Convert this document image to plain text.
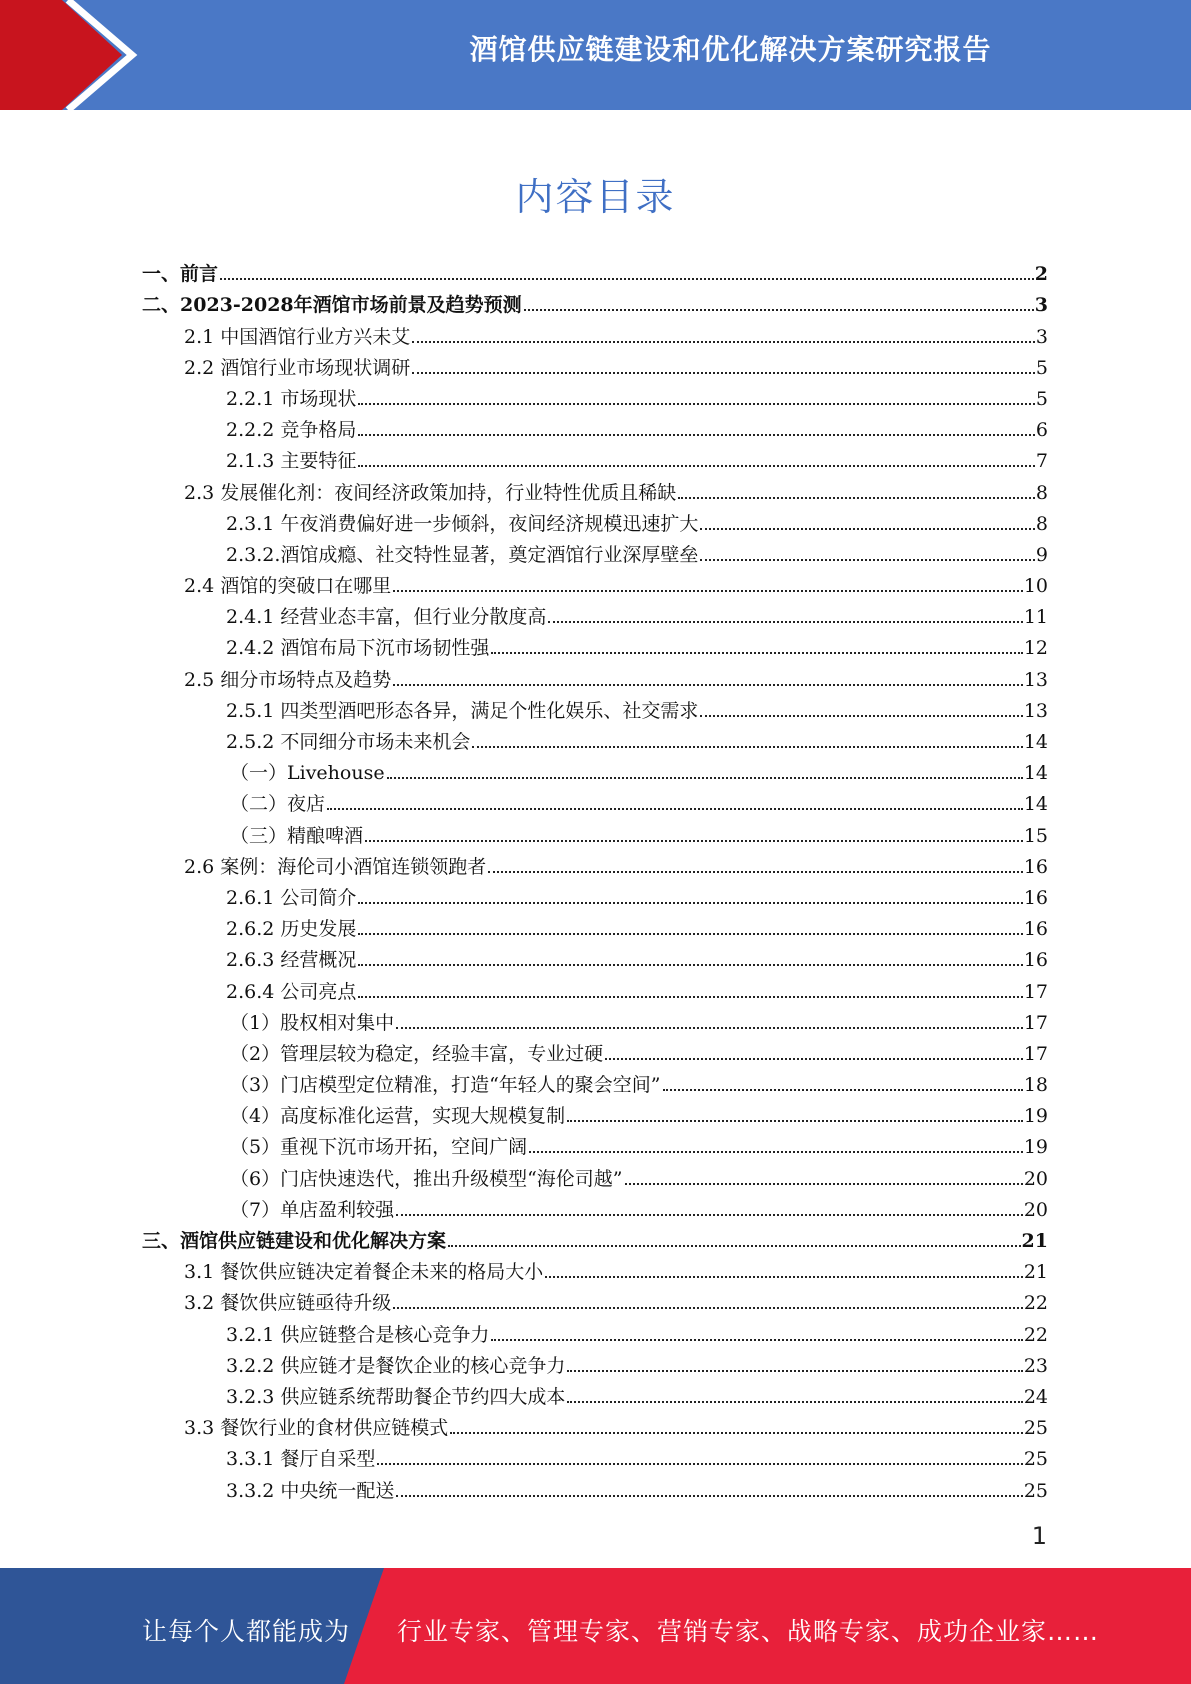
酒馆供应链建设和优化解决方案研究报告
内容目录
一、前言	2
二、2023-2028年酒馆市场前景及趋势预测	3
2.1 中国酒馆行业方兴未艾	3
2.2 酒馆行业市场现状调研	5
2.2.1 市场现状	5
2.2.2 竞争格局	6
2.1.3 主要特征	7
2.3 发展催化剂：夜间经济政策加持，行业特性优质且稀缺	8
2.3.1 午夜消费偏好进一步倾斜，夜间经济规模迅速扩大	8
2.3.2.酒馆成瘾、社交特性显著，奠定酒馆行业深厚壁垒	9
2.4 酒馆的突破口在哪里	10
2.4.1 经营业态丰富，但行业分散度高	11
2.4.2 酒馆布局下沉市场韧性强	12
2.5 细分市场特点及趋势	13
2.5.1 四类型酒吧形态各异，满足个性化娱乐、社交需求	13
2.5.2 不同细分市场未来机会	14
（一）Livehouse	14
（二）夜店	14
（三）精酿啤酒	15
2.6 案例：海伦司小酒馆连锁领跑者	16
2.6.1 公司简介	16
2.6.2 历史发展	16
2.6.3 经营概况	16
2.6.4 公司亮点	17
（1）股权相对集中	17
（2）管理层较为稳定，经验丰富，专业过硬	17
（3）门店模型定位精准，打造“年轻人的聚会空间”	18
（4）高度标准化运营，实现大规模复制	19
（5）重视下沉市场开拓，空间广阔	19
（6）门店快速迭代，推出升级模型“海伦司越”	20
（7）单店盈利较强	20
三、酒馆供应链建设和优化解决方案	21
3.1 餐饮供应链决定着餐企未来的格局大小	21
3.2 餐饮供应链亟待升级	22
3.2.1 供应链整合是核心竞争力	22
3.2.2 供应链才是餐饮企业的核心竞争力	23
3.2.3 供应链系统帮助餐企节约四大成本	24
3.3 餐饮行业的食材供应链模式	25
3.3.1 餐厅自采型	25
3.3.2 中央统一配送	25
1
让每个人都能成为 行业专家、管理专家、营销专家、战略专家、成功企业家……
